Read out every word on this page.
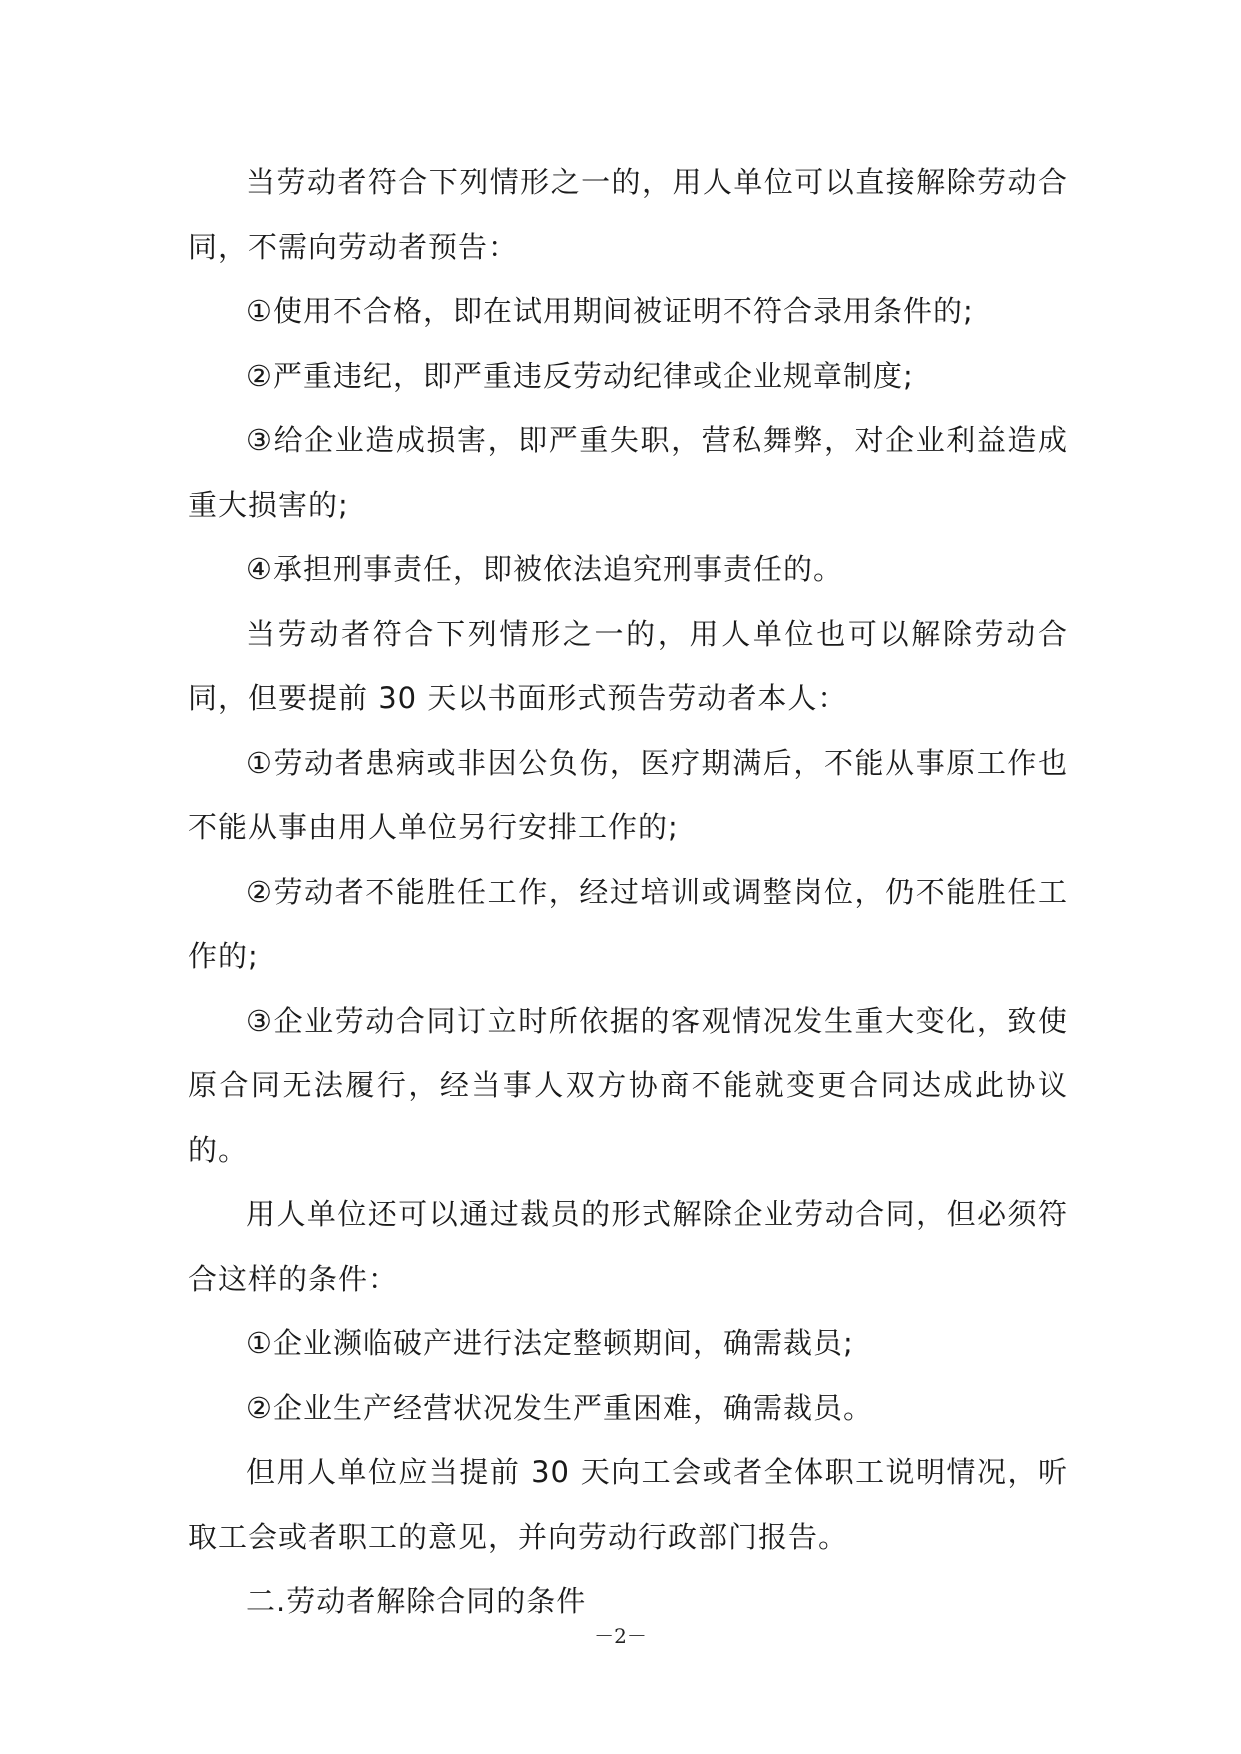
当劳动者符合下列情形之一的，用人单位可以直接解除劳动合同，不需向劳动者预告：

①使用不合格，即在试用期间被证明不符合录用条件的;

②严重违纪，即严重违反劳动纪律或企业规章制度;

③给企业造成损害，即严重失职，营私舞弊，对企业利益造成重大损害的;

④承担刑事责任，即被依法追究刑事责任的。

当劳动者符合下列情形之一的，用人单位也可以解除劳动合同，但要提前 30 天以书面形式预告劳动者本人：

①劳动者患病或非因公负伤，医疗期满后，不能从事原工作也不能从事由用人单位另行安排工作的;

②劳动者不能胜任工作，经过培训或调整岗位，仍不能胜任工作的;

③企业劳动合同订立时所依据的客观情况发生重大变化，致使原合同无法履行，经当事人双方协商不能就变更合同达成此协议的。

用人单位还可以通过裁员的形式解除企业劳动合同，但必须符合这样的条件：

①企业濒临破产进行法定整顿期间，确需裁员;

②企业生产经营状况发生严重困难，确需裁员。

但用人单位应当提前 30 天向工会或者全体职工说明情况，听取工会或者职工的意见，并向劳动行政部门报告。

二.劳动者解除合同的条件

－2－
